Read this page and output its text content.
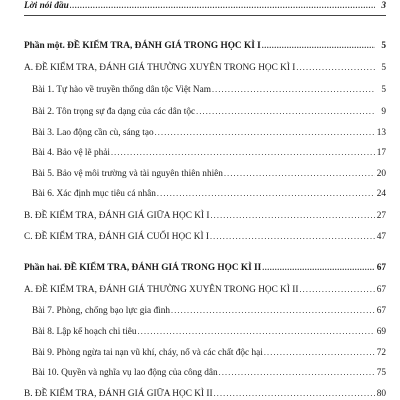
Lời nói đầu .....	3
Phần một. ĐỀ KIỂM TRA, ĐÁNH GIÁ TRONG HỌC KÌ I .....	5
A. ĐỀ KIỂM TRA, ĐÁNH GIÁ THƯỜNG XUYÊN TRONG HỌC KÌ I .....	5
Bài 1. Tự hào về truyền thống dân tộc Việt Nam .....	5
Bài 2. Tôn trọng sự đa dạng của các dân tộc .....	9
Bài 3. Lao động cần cù, sáng tạo .....	13
Bài 4. Bảo vệ lẽ phải .....	17
Bài 5. Bảo vệ môi trường và tài nguyên thiên nhiên .....	20
Bài 6. Xác định mục tiêu cá nhân .....	24
B. ĐỀ KIỂM TRA, ĐÁNH GIÁ GIỮA HỌC KÌ I .....	27
C. ĐỀ KIỂM TRA, ĐÁNH GIÁ CUỐI HỌC KÌ I .....	47
Phần hai. ĐỀ KIỂM TRA, ĐÁNH GIÁ TRONG HỌC KÌ II .....	67
A. ĐỀ KIỂM TRA, ĐÁNH GIÁ THƯỜNG XUYÊN TRONG HỌC KÌ II .....	67
Bài 7. Phòng, chống bạo lực gia đình .....	67
Bài 8. Lập kế hoạch chi tiêu .....	69
Bài 9. Phòng ngừa tai nạn vũ khí, cháy, nổ và các chất độc hại .....	72
Bài 10. Quyền và nghĩa vụ lao động của công dân .....	75
B. ĐỀ KIỂM TRA, ĐÁNH GIÁ GIỮA HỌC KÌ II .....	80
